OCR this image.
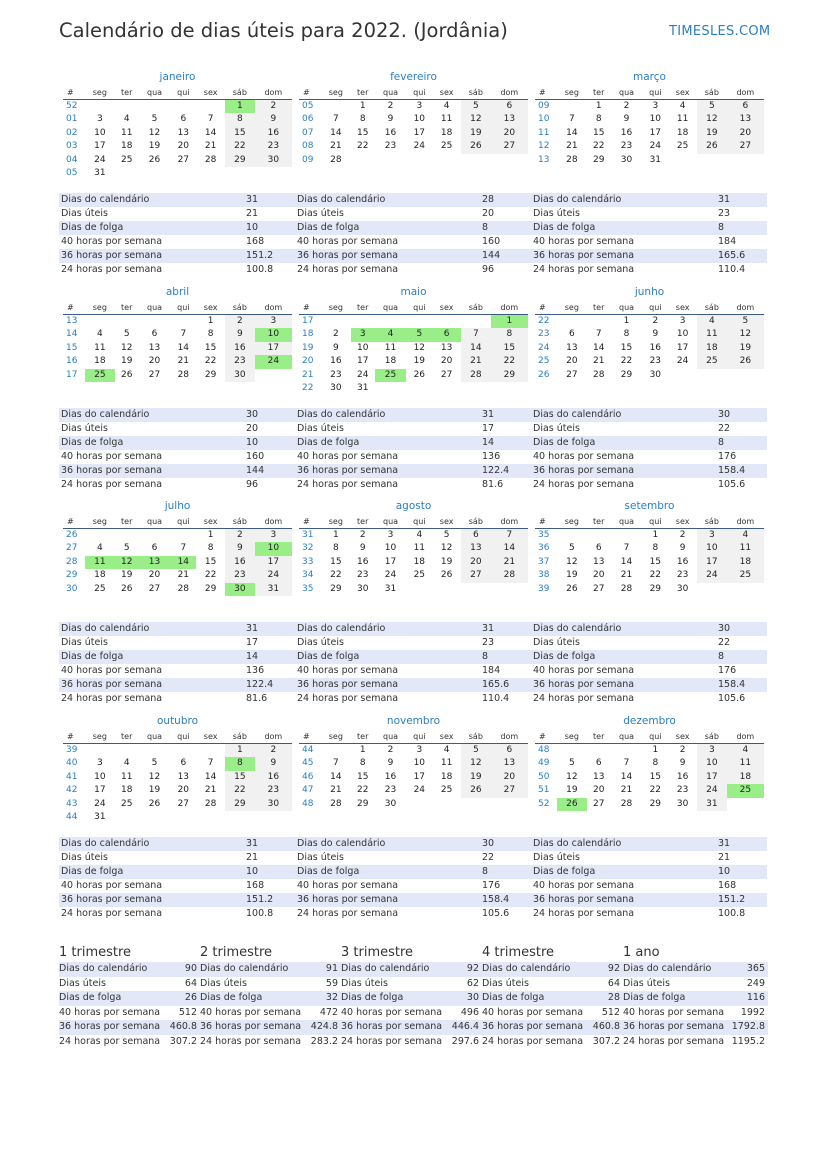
Calendário de dias úteis para 2022. (Jordânia)	TIMESLES.COM
janeiro
#	seg	ter	qua	qui	sex	sáb	dom
52						1	2
01	3	4	5	6	7	8	9
02	10	11	12	13	14	15	16
03	17	18	19	20	21	22	23
04	24	25	26	27	28	29	30
05	31						
Dias do calendário	31
Dias úteis	21
Dias de folga	10
40 horas por semana	168
36 horas por semana	151.2
24 horas por semana	100.8
fevereiro
#	seg	ter	qua	qui	sex	sáb	dom
05		1	2	3	4	5	6
06	7	8	9	10	11	12	13
07	14	15	16	17	18	19	20
08	21	22	23	24	25	26	27
09	28						
Dias do calendário	28
Dias úteis	20
Dias de folga	8
40 horas por semana	160
36 horas por semana	144
24 horas por semana	96
março
#	seg	ter	qua	qui	sex	sáb	dom
09		1	2	3	4	5	6
10	7	8	9	10	11	12	13
11	14	15	16	17	18	19	20
12	21	22	23	24	25	26	27
13	28	29	30	31			
Dias do calendário	31
Dias úteis	23
Dias de folga	8
40 horas por semana	184
36 horas por semana	165.6
24 horas por semana	110.4
abril
#	seg	ter	qua	qui	sex	sáb	dom
13					1	2	3
14	4	5	6	7	8	9	10
15	11	12	13	14	15	16	17
16	18	19	20	21	22	23	24
17	25	26	27	28	29	30	
Dias do calendário	30
Dias úteis	20
Dias de folga	10
40 horas por semana	160
36 horas por semana	144
24 horas por semana	96
maio
#	seg	ter	qua	qui	sex	sáb	dom
17							1
18	2	3	4	5	6	7	8
19	9	10	11	12	13	14	15
20	16	17	18	19	20	21	22
21	23	24	25	26	27	28	29
22	30	31					
Dias do calendário	31
Dias úteis	17
Dias de folga	14
40 horas por semana	136
36 horas por semana	122.4
24 horas por semana	81.6
junho
#	seg	ter	qua	qui	sex	sáb	dom
22			1	2	3	4	5
23	6	7	8	9	10	11	12
24	13	14	15	16	17	18	19
25	20	21	22	23	24	25	26
26	27	28	29	30			
Dias do calendário	30
Dias úteis	22
Dias de folga	8
40 horas por semana	176
36 horas por semana	158.4
24 horas por semana	105.6
julho
#	seg	ter	qua	qui	sex	sáb	dom
26					1	2	3
27	4	5	6	7	8	9	10
28	11	12	13	14	15	16	17
29	18	19	20	21	22	23	24
30	25	26	27	28	29	30	31
Dias do calendário	31
Dias úteis	17
Dias de folga	14
40 horas por semana	136
36 horas por semana	122.4
24 horas por semana	81.6
agosto
#	seg	ter	qua	qui	sex	sáb	dom
31	1	2	3	4	5	6	7
32	8	9	10	11	12	13	14
33	15	16	17	18	19	20	21
34	22	23	24	25	26	27	28
35	29	30	31				
Dias do calendário	31
Dias úteis	23
Dias de folga	8
40 horas por semana	184
36 horas por semana	165.6
24 horas por semana	110.4
setembro
#	seg	ter	qua	qui	sex	sáb	dom
35				1	2	3	4
36	5	6	7	8	9	10	11
37	12	13	14	15	16	17	18
38	19	20	21	22	23	24	25
39	26	27	28	29	30		
Dias do calendário	30
Dias úteis	22
Dias de folga	8
40 horas por semana	176
36 horas por semana	158.4
24 horas por semana	105.6
outubro
#	seg	ter	qua	qui	sex	sáb	dom
39						1	2
40	3	4	5	6	7	8	9
41	10	11	12	13	14	15	16
42	17	18	19	20	21	22	23
43	24	25	26	27	28	29	30
44	31						
Dias do calendário	31
Dias úteis	21
Dias de folga	10
40 horas por semana	168
36 horas por semana	151.2
24 horas por semana	100.8
novembro
#	seg	ter	qua	qui	sex	sáb	dom
44		1	2	3	4	5	6
45	7	8	9	10	11	12	13
46	14	15	16	17	18	19	20
47	21	22	23	24	25	26	27
48	28	29	30				
Dias do calendário	30
Dias úteis	22
Dias de folga	8
40 horas por semana	176
36 horas por semana	158.4
24 horas por semana	105.6
dezembro
#	seg	ter	qua	qui	sex	sáb	dom
48				1	2	3	4
49	5	6	7	8	9	10	11
50	12	13	14	15	16	17	18
51	19	20	21	22	23	24	25
52	26	27	28	29	30	31	
Dias do calendário	31
Dias úteis	21
Dias de folga	10
40 horas por semana	168
36 horas por semana	151.2
24 horas por semana	100.8
1 trimestre
Dias do calendário	90
Dias úteis	64
Dias de folga	26
40 horas por semana	512
36 horas por semana	460.8
24 horas por semana	307.2
2 trimestre
Dias do calendário	91
Dias úteis	59
Dias de folga	32
40 horas por semana	472
36 horas por semana	424.8
24 horas por semana	283.2
3 trimestre
Dias do calendário	92
Dias úteis	62
Dias de folga	30
40 horas por semana	496
36 horas por semana	446.4
24 horas por semana	297.6
4 trimestre
Dias do calendário	92
Dias úteis	64
Dias de folga	28
40 horas por semana	512
36 horas por semana	460.8
24 horas por semana	307.2
1 ano
Dias do calendário	365
Dias úteis	249
Dias de folga	116
40 horas por semana	1992
36 horas por semana 1792.8
24 horas por semana 1195.2
